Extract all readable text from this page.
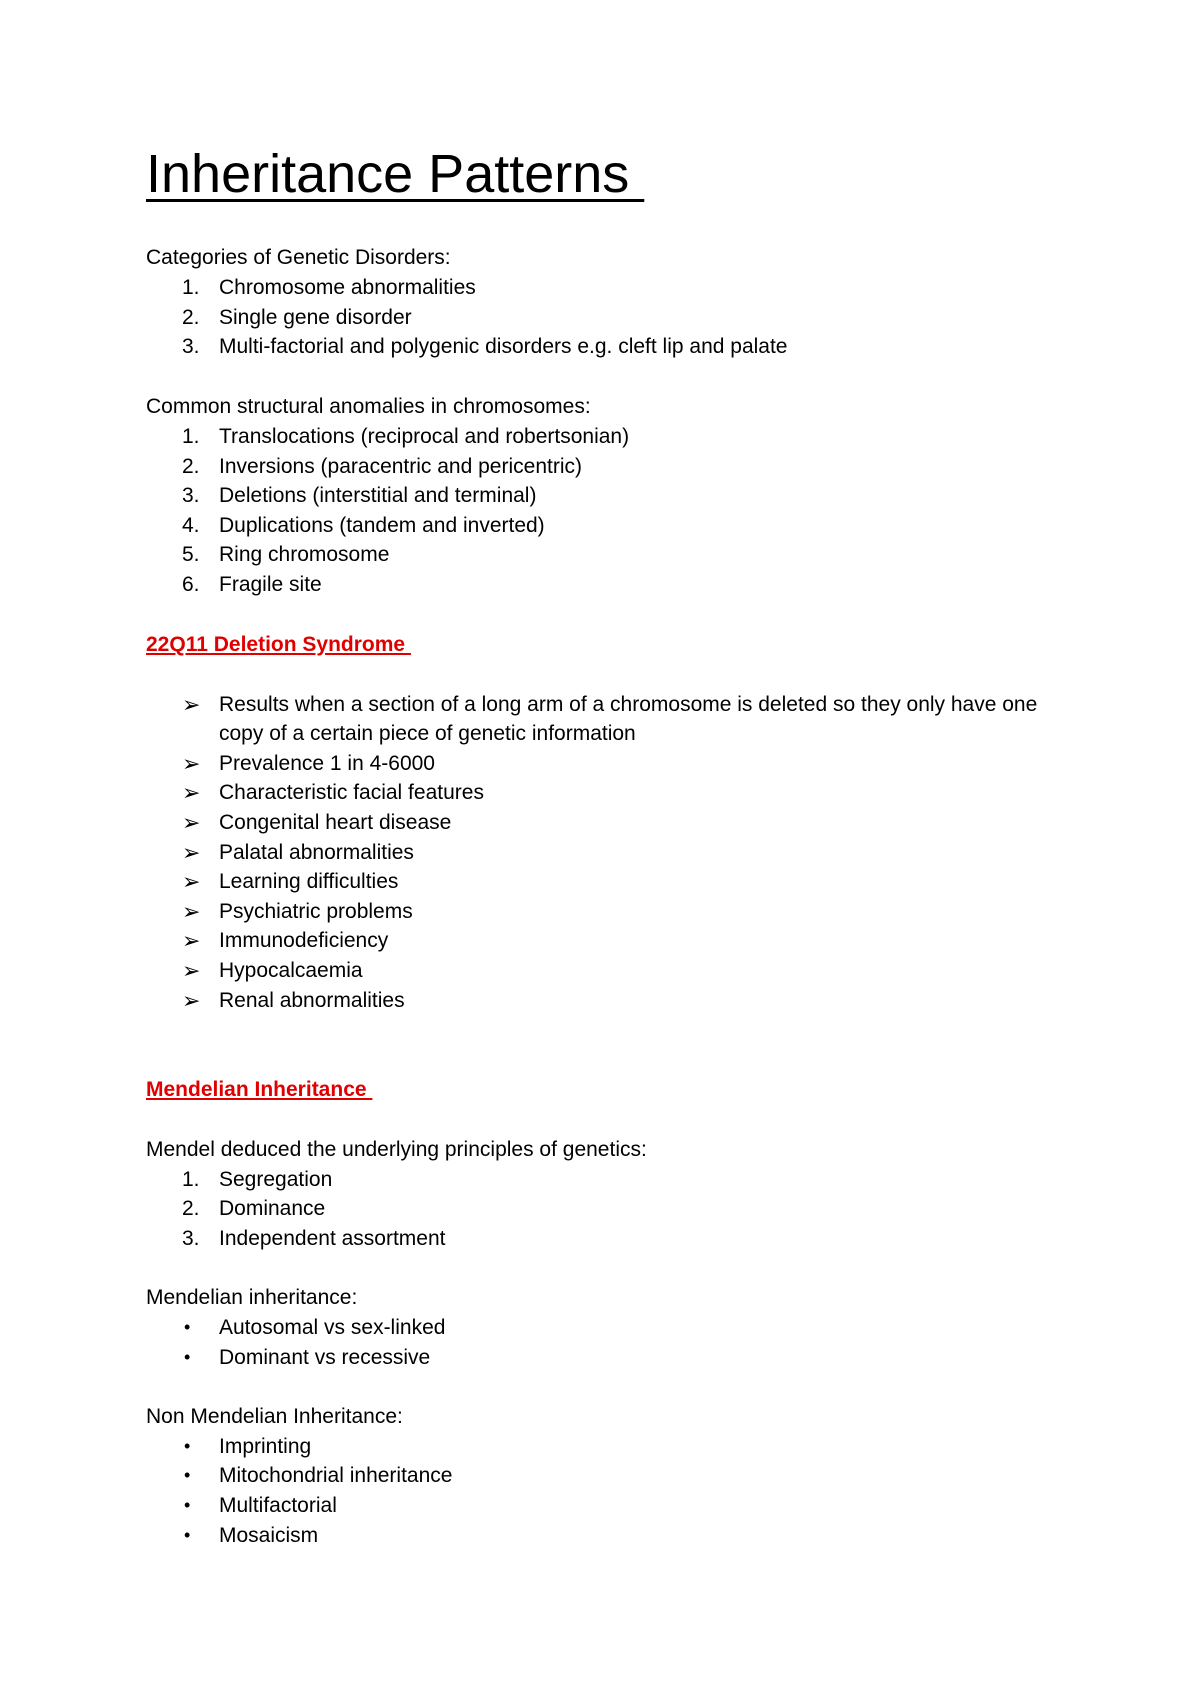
Inheritance Patterns

Categories of Genetic Disorders:

1. Chromosome abnormalities
2. Single gene disorder
3. Multi-factorial and polygenic disorders e.g. cleft lip and palate

Common structural anomalies in chromosomes:

1. Translocations (reciprocal and robertsonian)
2. Inversions (paracentric and pericentric)
3. Deletions (interstitial and terminal)
4. Duplications (tandem and inverted)
5. Ring chromosome
6. Fragile site

22Q11 Deletion Syndrome

➢ Results when a section of a long arm of a chromosome is deleted so they only have one copy of a certain piece of genetic information
➢ Prevalence 1 in 4-6000
➢ Characteristic facial features
➢ Congenital heart disease
➢ Palatal abnormalities
➢ Learning difficulties
➢ Psychiatric problems
➢ Immunodeficiency
➢ Hypocalcaemia
➢ Renal abnormalities

Mendelian Inheritance

Mendel deduced the underlying principles of genetics:

1. Segregation
2. Dominance
3. Independent assortment

Mendelian inheritance:

• Autosomal vs sex-linked
• Dominant vs recessive

Non Mendelian Inheritance:

• Imprinting
• Mitochondrial inheritance
• Multifactorial
• Mosaicism
